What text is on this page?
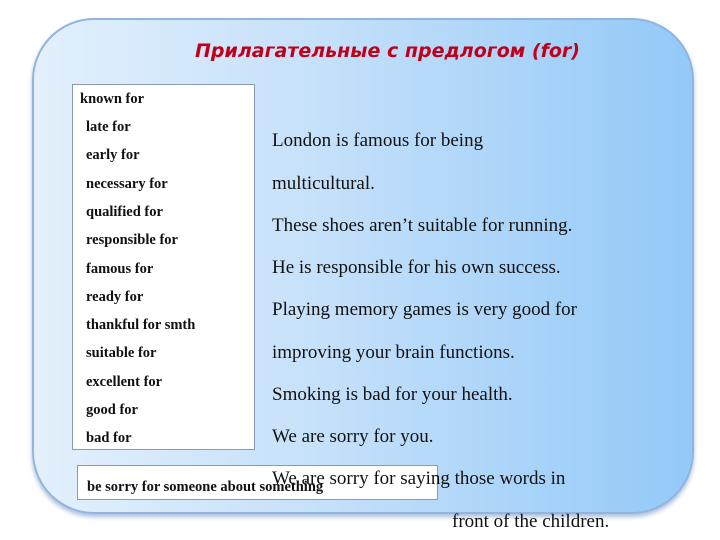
Прилагательные с предлогом (for)
known for
late for
early for
necessary for
qualified for
responsible for
famous for
ready for
thankful for smth
suitable for
excellent for
good for
bad for
be sorry for someone about something
London is famous for being
multicultural.
These shoes aren’t suitable for running.
He is responsible for his own success.
Playing memory games is very good for
improving your brain functions.
Smoking is bad for your health.
We are sorry for you.
We are sorry for saying those words in
front of the children.
